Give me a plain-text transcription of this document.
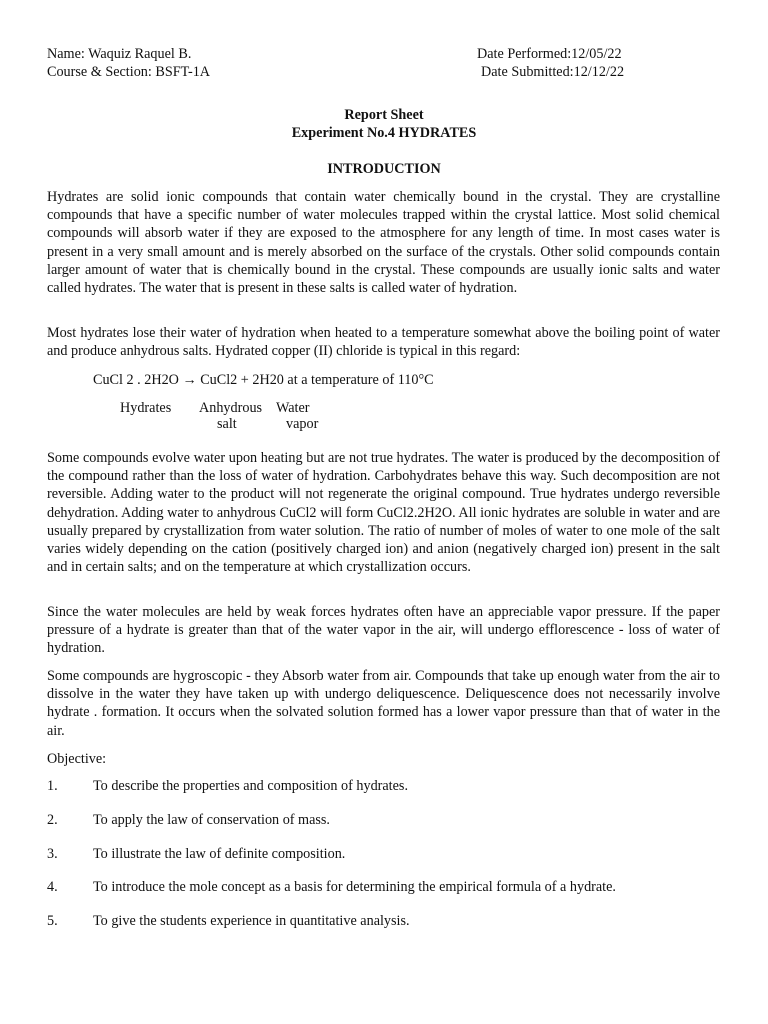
Name: Waquiz Raquel B.
Course & Section: BSFT-1A
Date Performed:12/05/22
Date Submitted:12/12/22
Report Sheet
Experiment No.4 HYDRATES
INTRODUCTION
Hydrates are solid ionic compounds that contain water chemically bound in the crystal. They are crystalline compounds that have a specific number of water molecules trapped within the crystal lattice. Most solid chemical compounds will absorb water if they are exposed to the atmosphere for any length of time. In most cases water is present in a very small amount and is merely absorbed on the surface of the crystals. Other solid compounds contain larger amount of water that is chemically bound in the crystal. These compounds are usually ionic salts and water called hydrates. The water that is present in these salts is called water of hydration.
Most hydrates lose their water of hydration when heated to a temperature somewhat above the boiling point of water and produce anhydrous salts. Hydrated copper (II) chloride is typical in this regard:
CuCl 2 . 2H2O → CuCl2 + 2H20 at a temperature of 110°C
Hydrates Anhydrous
salt
Water
vapor
Some compounds evolve water upon heating but are not true hydrates. The water is produced by the decomposition of the compound rather than the loss of water of hydration. Carbohydrates behave this way. Such decomposition are not reversible. Adding water to the product will not regenerate the original compound. True hydrates undergo reversible dehydration. Adding water to anhydrous CuCl2 will form CuCl2.2H2O. All ionic hydrates are soluble in water and are usually prepared by crystallization from water solution. The ratio of number of moles of water to one mole of the salt varies widely depending on the cation (positively charged ion) and anion (negatively charged ion) present in the salt and in certain salts; and on the temperature at which crystallization occurs.
Since the water molecules are held by weak forces hydrates often have an appreciable vapor pressure. If the paper pressure of a hydrate is greater than that of the water vapor in the air, will undergo efflorescence - loss of water of hydration.
Some compounds are hygroscopic - they Absorb water from air. Compounds that take up enough water from the air to dissolve in the water they have taken up with undergo deliquescence. Deliquescence does not necessarily involve hydrate . formation. It occurs when the solvated solution formed has a lower vapor pressure than that of water in the air.
Objective:
1. To describe the properties and composition of hydrates.
2. To apply the law of conservation of mass.
3. To illustrate the law of definite composition.
4. To introduce the mole concept as a basis for determining the empirical formula of a hydrate.
5. To give the students experience in quantitative analysis.
